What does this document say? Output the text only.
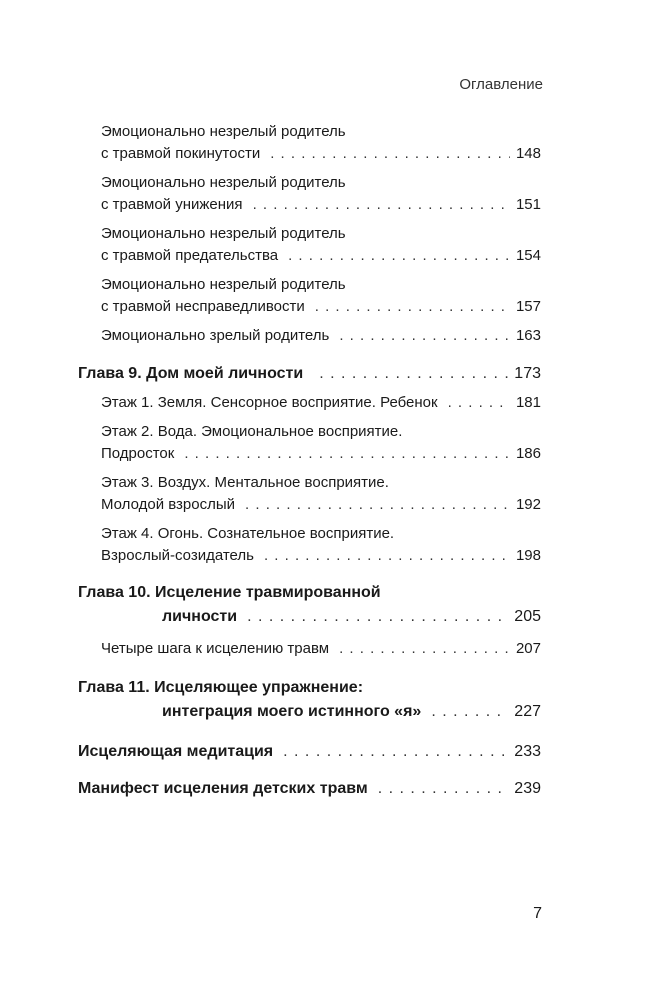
Оглавление
Эмоционально незрелый родитель
с травмой покинутости . . .	148
Эмоционально незрелый родитель
с травмой унижения . . .	151
Эмоционально незрелый родитель
с травмой предательства . . .	154
Эмоционально незрелый родитель
с травмой несправедливости . . .	157
Эмоционально зрелый родитель . . .	163
Глава 9. Дом моей личности . . .	173
Этаж 1. Земля. Сенсорное восприятие. Ребенок . . .	181
Этаж 2. Вода. Эмоциональное восприятие.
Подросток . . .	186
Этаж 3. Воздух. Ментальное восприятие.
Молодой взрослый . . .	192
Этаж 4. Огонь. Сознательное восприятие.
Взрослый-созидатель . . .	198
Глава 10. Исцеление травмированной
личности . . .	205
Четыре шага к исцелению травм . . .	207
Глава 11. Исцеляющее упражнение:
интеграция моего истинного «я» . . .	227
Исцеляющая медитация . . .	233
Манифест исцеления детских травм . . .	239
7
